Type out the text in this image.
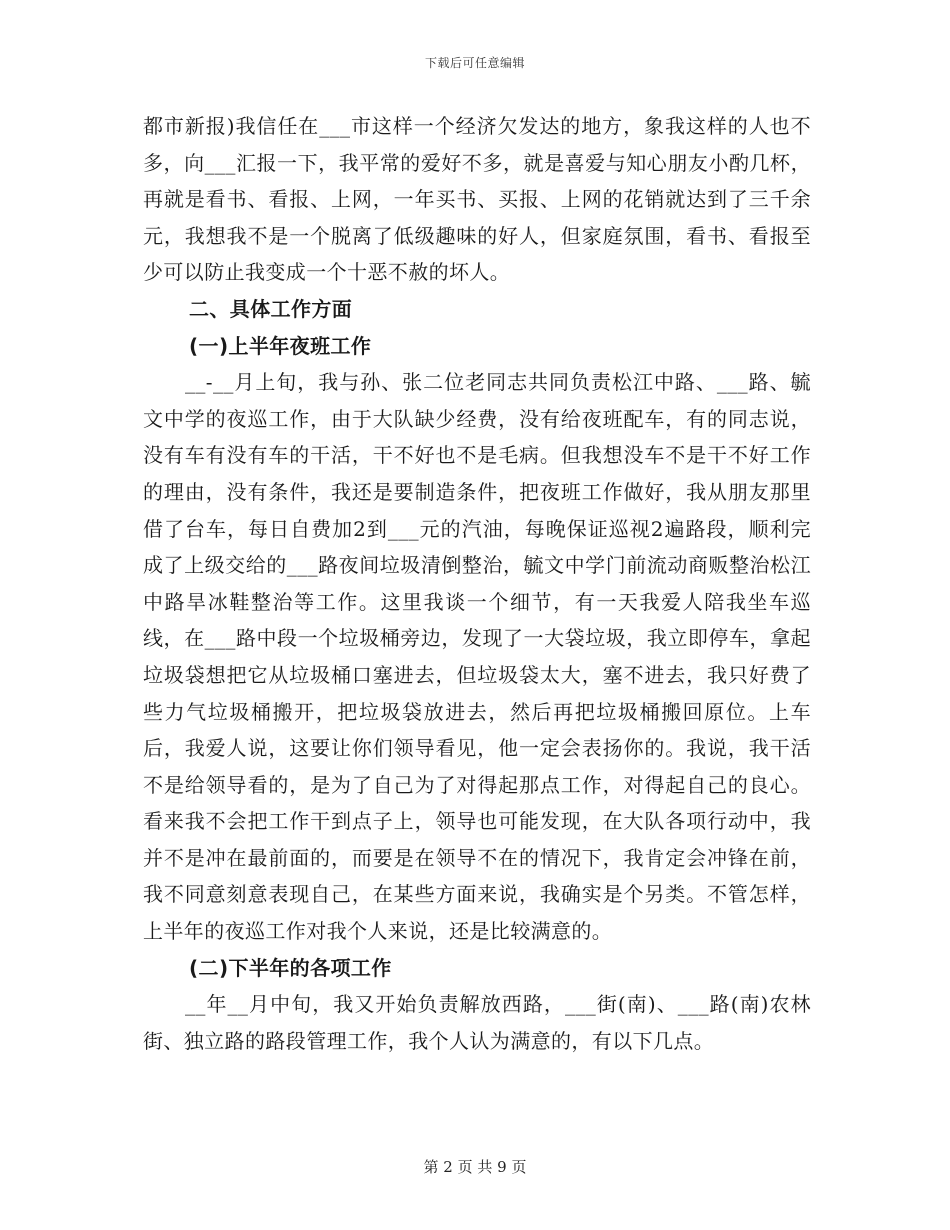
下载后可任意编辑

都市新报)我信任在___市这样一个经济欠发达的地方，象我这样的人也不多，向___汇报一下，我平常的爱好不多，就是喜爱与知心朋友小酌几杯，再就是看书、看报、上网，一年买书、买报、上网的花销就达到了三千余元，我想我不是一个脱离了低级趣味的好人，但家庭氛围，看书、看报至少可以防止我变成一个十恶不赦的坏人。

二、具体工作方面

(一)上半年夜班工作

__-__月上旬，我与孙、张二位老同志共同负责松江中路、___路、毓文中学的夜巡工作，由于大队缺少经费，没有给夜班配车，有的同志说，没有车有没有车的干活，干不好也不是毛病。但我想没车不是干不好工作的理由，没有条件，我还是要制造条件，把夜班工作做好，我从朋友那里借了台车，每日自费加2到___元的汽油，每晚保证巡视2遍路段，顺利完成了上级交给的___路夜间垃圾清倒整治，毓文中学门前流动商贩整治松江中路旱冰鞋整治等工作。这里我谈一个细节，有一天我爱人陪我坐车巡线，在___路中段一个垃圾桶旁边，发现了一大袋垃圾，我立即停车，拿起垃圾袋想把它从垃圾桶口塞进去，但垃圾袋太大，塞不进去，我只好费了些力气垃圾桶搬开，把垃圾袋放进去，然后再把垃圾桶搬回原位。上车后，我爱人说，这要让你们领导看见，他一定会表扬你的。我说，我干活不是给领导看的，是为了自己为了对得起那点工作，对得起自己的良心。看来我不会把工作干到点子上，领导也可能发现，在大队各项行动中，我并不是冲在最前面的，而要是在领导不在的情况下，我肯定会冲锋在前，我不同意刻意表现自己，在某些方面来说，我确实是个另类。不管怎样，上半年的夜巡工作对我个人来说，还是比较满意的。

(二)下半年的各项工作

__年__月中旬，我又开始负责解放西路，___街(南)、___路(南)农林街、独立路的路段管理工作，我个人认为满意的，有以下几点。

第 2 页 共 9 页
